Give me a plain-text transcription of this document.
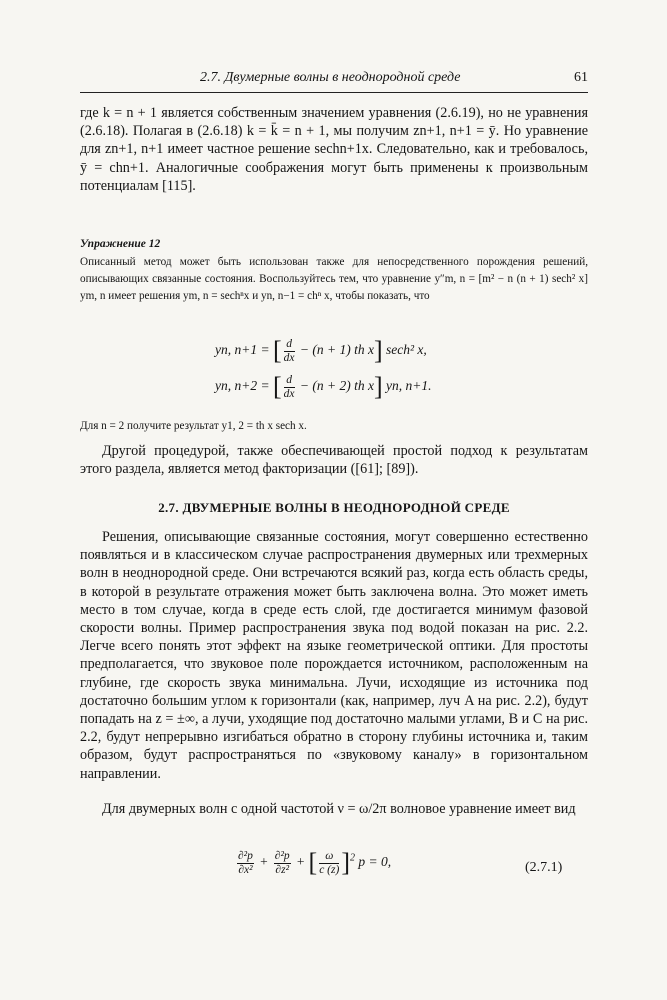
2.7. Двумерные волны в неоднородной среде	61

где k = n + 1 является собственным значением уравнения (2.6.19), но не уравнения (2.6.18). Полагая в (2.6.18) k = k̄ = n + 1, мы получим zn+1, n+1 = ȳ. Но уравнение для zn+1, n+1 имеет частное решение sechn+1x. Следовательно, как и требовалось, ȳ = chn+1. Аналогичные соображения могут быть применены к произвольным потенциалам [115].

Упражнение 12

Описанный метод может быть использован также для непосредственного порождения решений, описывающих связанные состояния. Воспользуйтесь тем, что уравнение y″m, n = [m² − n (n + 1) sech² x] ym, n имеет решения ym, n = sechⁿx и yn, n−1 = chⁿ x, чтобы показать, что

yn, n+1 = [ $\frac{d}{dx} - (n + 1)$ th x] sech² x,
yn, n+2 = [ $\frac{d}{dx} - (n + 2)$ th x] yn, n+1.

Для n = 2 получите результат y1, 2 = th x sech x.

Другой процедурой, также обеспечивающей простой подход к результатам этого раздела, является метод факторизации ([61]; [89]).

2.7. ДВУМЕРНЫЕ ВОЛНЫ В НЕОДНОРОДНОЙ СРЕДЕ

Решения, описывающие связанные состояния, могут совершенно естественно появляться и в классическом случае распространения двумерных или трехмерных волн в неоднородной среде. Они встречаются всякий раз, когда есть область среды, в которой в результате отражения может быть заключена волна. Это может иметь место в том случае, когда в среде есть слой, где достигается минимум фазовой скорости волны. Пример распространения звука под водой показан на рис. 2.2. Легче всего понять этот эффект на языке геометрической оптики. Для простоты предполагается, что звуковое поле порождается источником, расположенным на глубине, где скорость звука минимальна. Лучи, исходящие из источника под достаточно большим углом к горизонтали (как, например, луч A на рис. 2.2), будут попадать на z = ±∞, а лучи, уходящие под достаточно малыми углами, B и C на рис. 2.2, будут непрерывно изгибаться обратно в сторону глубины источника и, таким образом, будут распространяться по «звуковому каналу» в горизонтальном направлении.

Для двумерных волн с одной частотой ν = ω/2π волновое уравнение имеет вид

$\frac{\text{∂²p}}{\text{∂x²}} + \frac{\text{∂²p}}{\text{∂z²}}$ + [ $\frac{\omega}{c (z)} ]^2$ p = 0,	(2.7.1)
